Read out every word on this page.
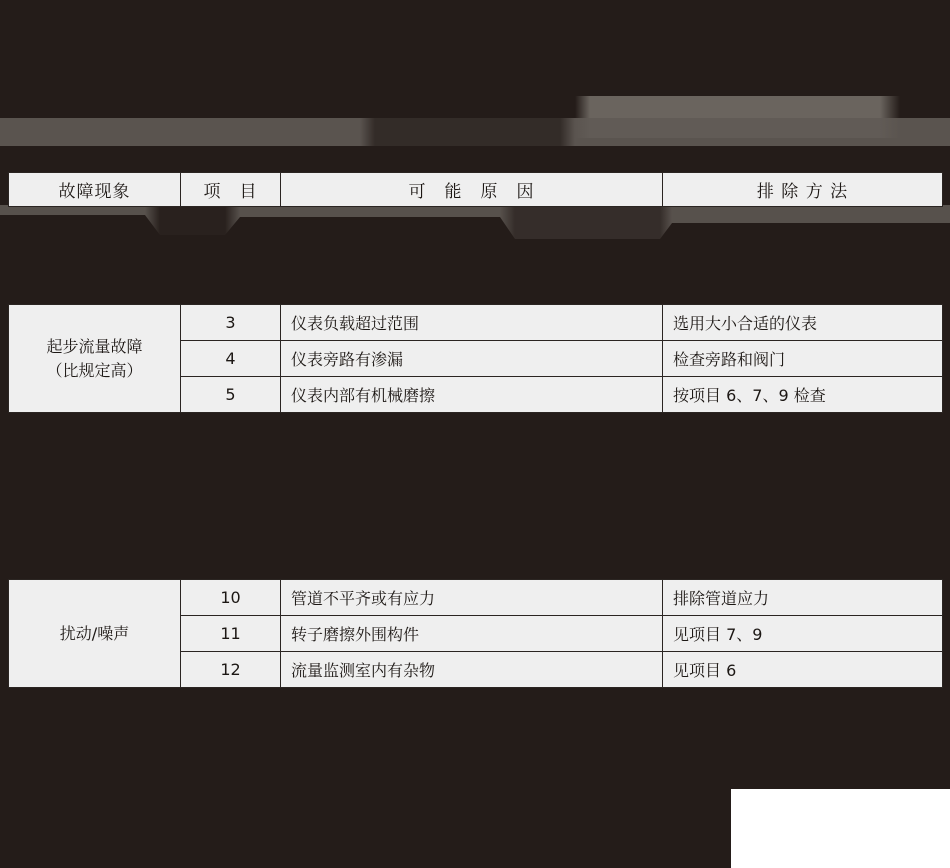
故障现象	项　目	可　能　原　因	排 除 方 法
起步流量故障
（比规定高）	3	仪表负载超过范围	选用大小合适的仪表
	4	仪表旁路有渗漏	检查旁路和阀门
	5	仪表内部有机械磨擦	按项目 6、7、9 检查
扰动/噪声	10	管道不平齐或有应力	排除管道应力
	11	转子磨擦外围构件	见项目 7、9
	12	流量监测室内有杂物	见项目 6
